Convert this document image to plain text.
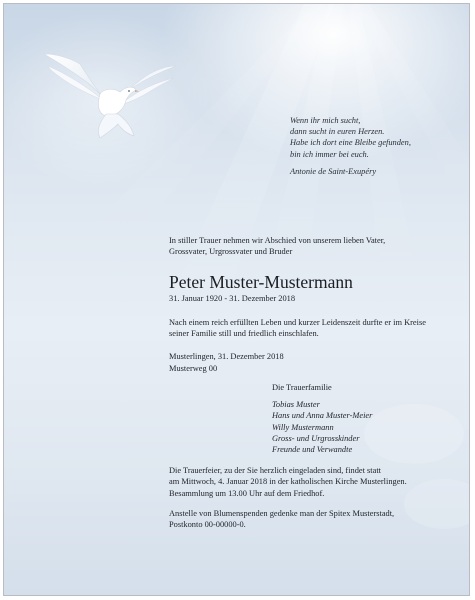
Wenn ihr mich sucht,
dann sucht in euren Herzen.
Habe ich dort eine Bleibe gefunden,
bin ich immer bei euch.
Antonie de Saint-Exupéry
In stiller Trauer nehmen wir Abschied von unserem lieben Vater,
Grossvater, Urgrossvater und Bruder
Peter Muster-Mustermann
31. Januar 1920 - 31. Dezember 2018
Nach einem reich erfüllten Leben und kurzer Leidenszeit durfte er im Kreise
seiner Familie still und friedlich einschlafen.
Musterlingen, 31. Dezember 2018
Musterweg 00
Die Trauerfamilie
Tobias Muster
Hans und Anna Muster-Meier
Willy Mustermann
Gross- und Urgrosskinder
Freunde und Verwandte
Die Trauerfeier, zu der Sie herzlich eingeladen sind, findet statt
am Mittwoch, 4. Januar 2018 in der katholischen Kirche Musterlingen.
Besammlung um 13.00 Uhr auf dem Friedhof.
Anstelle von Blumenspenden gedenke man der Spitex Musterstadt,
Postkonto 00-00000-0.
